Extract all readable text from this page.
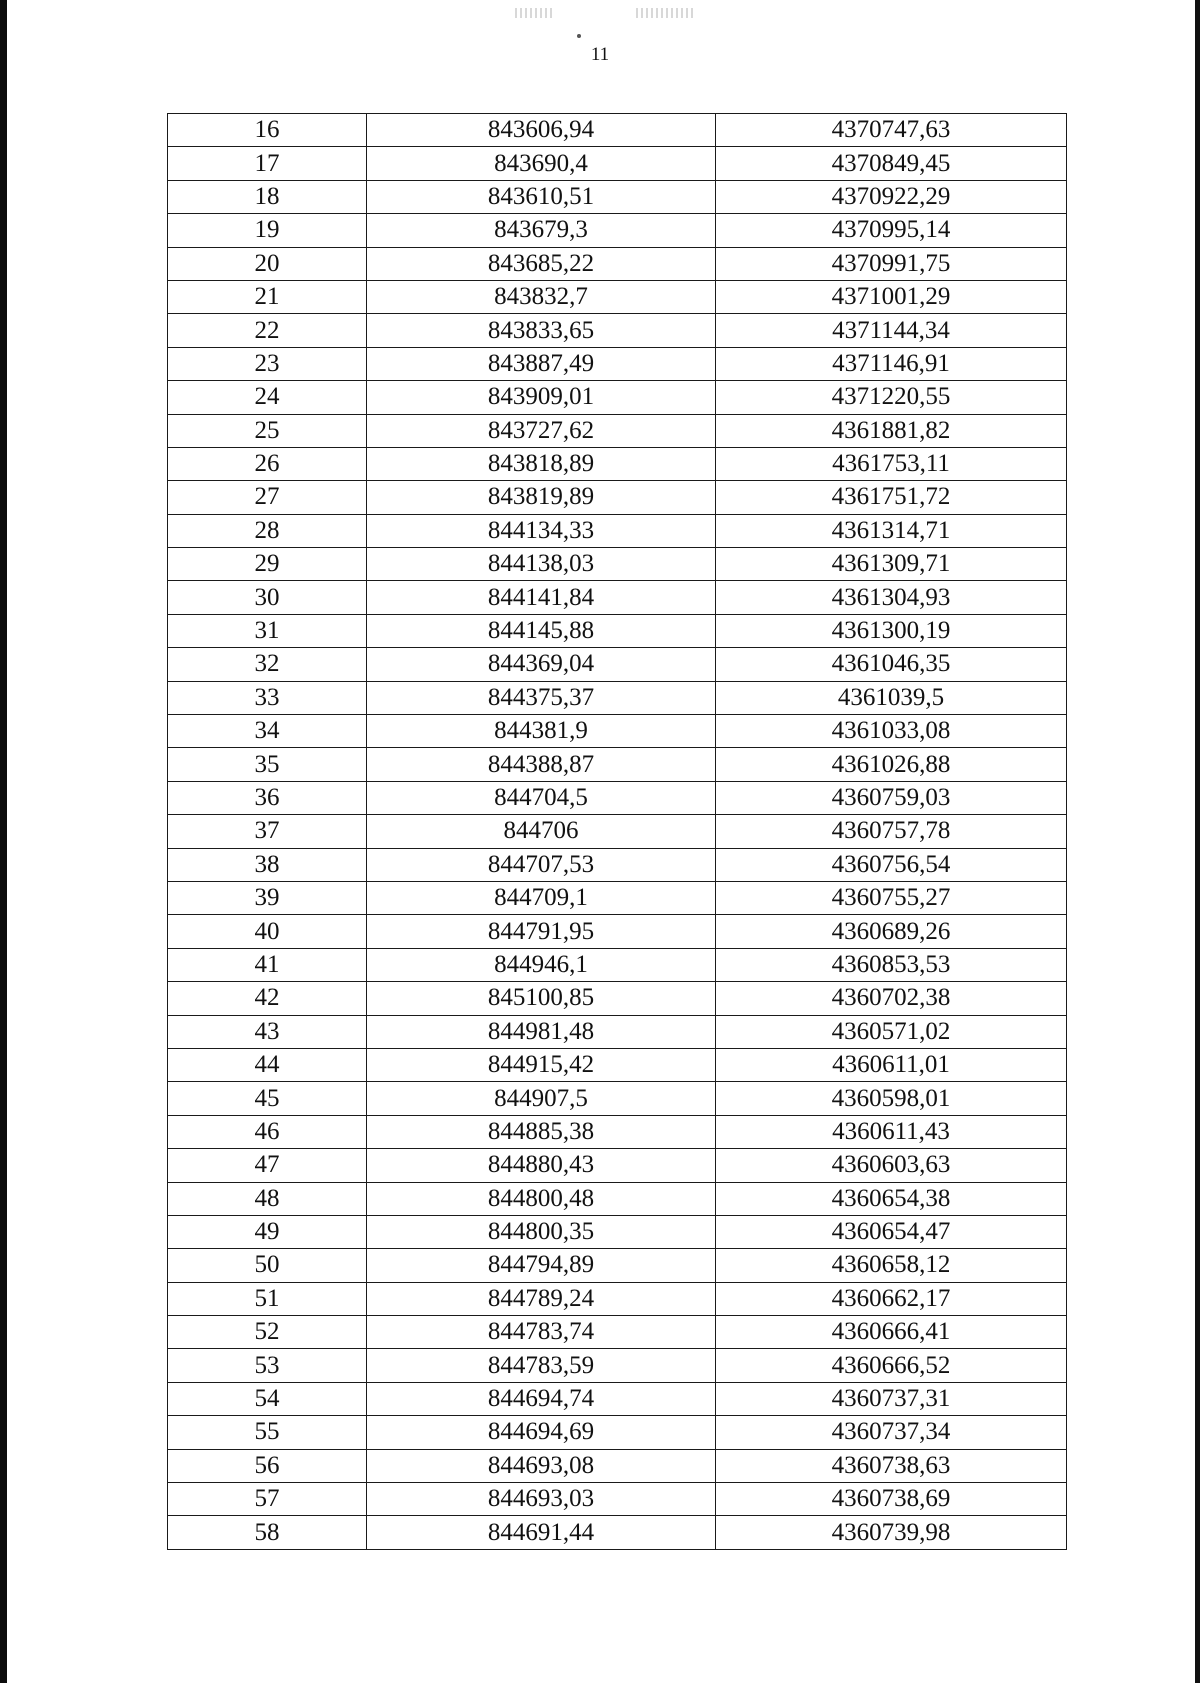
11
16	843606,94	4370747,63
17	843690,4	4370849,45
18	843610,51	4370922,29
19	843679,3	4370995,14
20	843685,22	4370991,75
21	843832,7	4371001,29
22	843833,65	4371144,34
23	843887,49	4371146,91
24	843909,01	4371220,55
25	843727,62	4361881,82
26	843818,89	4361753,11
27	843819,89	4361751,72
28	844134,33	4361314,71
29	844138,03	4361309,71
30	844141,84	4361304,93
31	844145,88	4361300,19
32	844369,04	4361046,35
33	844375,37	4361039,5
34	844381,9	4361033,08
35	844388,87	4361026,88
36	844704,5	4360759,03
37	844706	4360757,78
38	844707,53	4360756,54
39	844709,1	4360755,27
40	844791,95	4360689,26
41	844946,1	4360853,53
42	845100,85	4360702,38
43	844981,48	4360571,02
44	844915,42	4360611,01
45	844907,5	4360598,01
46	844885,38	4360611,43
47	844880,43	4360603,63
48	844800,48	4360654,38
49	844800,35	4360654,47
50	844794,89	4360658,12
51	844789,24	4360662,17
52	844783,74	4360666,41
53	844783,59	4360666,52
54	844694,74	4360737,31
55	844694,69	4360737,34
56	844693,08	4360738,63
57	844693,03	4360738,69
58	844691,44	4360739,98
